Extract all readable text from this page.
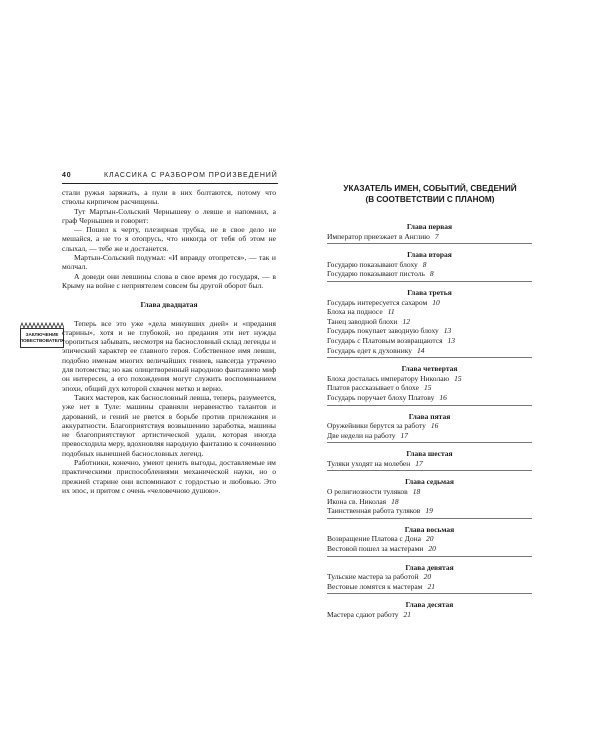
40	КЛАССИКА С РАЗБОРОМ ПРОИЗВЕДЕНИЙ
ЗАКЛЮЧЕНИЕ
ПОВЕСТВОВАТЕЛЯ

стали ружья заряжать, а пули в них болтаются, потому что стволы кирпичом расчищены.

Тут Мартын-Сольский Чернышеву о левше и напомнил, а граф Чернышев и говорит:

— Пошел к черту, плезирная трубка, не в свое дело не мешайся, а не то я отопрусь, что никогда от тебя об этом не слыхал, — тебе же и достанется.

Мартын-Сольский подумал: «И вправду отопрется», — так и молчал.

А доведи они левшины слова в свое время до государя, — в Крыму на войне с неприятелем совсем бы другой оборот был.

Глава двадцатая

Теперь все это уже «дела минувших дней» и «предания старины», хотя и не глубокой, но предания эти нет нужды торопиться забывать, несмотря на баснословный склад легенды и эпический характер ее главного героя. Собственное имя левши, подобно именам многих величайших гениев, навсегда утрачено для потомства; но как олицетворенный народною фантазиею миф он интересен, а его похождения могут служить воспоминанием эпохи, общий дух которой схвачен метко и верно.

Таких мастеров, как баснословный левша, теперь, разумеется, уже нет в Туле: машины сравняли неравенство талантов и дарований, и гений не рвется в борьбе против прилежания и аккуратности. Благоприятствуя возвышению заработка, машины не благоприятствуют артистической удали, которая иногда превосходила меру, вдохновляя народную фантазию к сочинению подобных нынешней баснословных легенд.

Работники, конечно, умеют ценить выгоды, доставляемые им практическими приспособлениями механической науки, но о прежней старине они вспоминают с гордостью и любовью. Это их эпос, и притом с очень «человечною душою».

УКАЗАТЕЛЬ ИМЕН, СОБЫТИЙ, СВЕДЕНИЙ
(В СООТВЕТСТВИИ С ПЛАНОМ)
Глава первая
Император приезжает в Англию 7
Глава вторая
Государю показывают блоху 8
Государю показывают пистоль 8
Глава третья
Государь интересуется сахаром 10
Блоха на подносе 11
Танец заводной блохи 12
Государь покупает заводную блоху 13
Государь с Платовым возвращаются 13
Государь едет к духовнику 14
Глава четвертая
Блоха досталась императору Николаю 15
Платов рассказывает о блохе 15
Государь поручает блоху Платову 16
Глава пятая
Оружейники берутся за работу 16
Две недели на работу 17
Глава шестая
Туляки уходят на молебен 17
Глава седьмая
О религиозности туляков 18
Икона св. Николая 18
Таинственная работа туляков 19
Глава восьмая
Возвращение Платова с Дона 20
Вестовой пошел за мастерами 20
Глава девятая
Тульские мастера за работой 20
Вестовые ломятся к мастерам 21
Глава десятая
Мастера сдают работу 21
